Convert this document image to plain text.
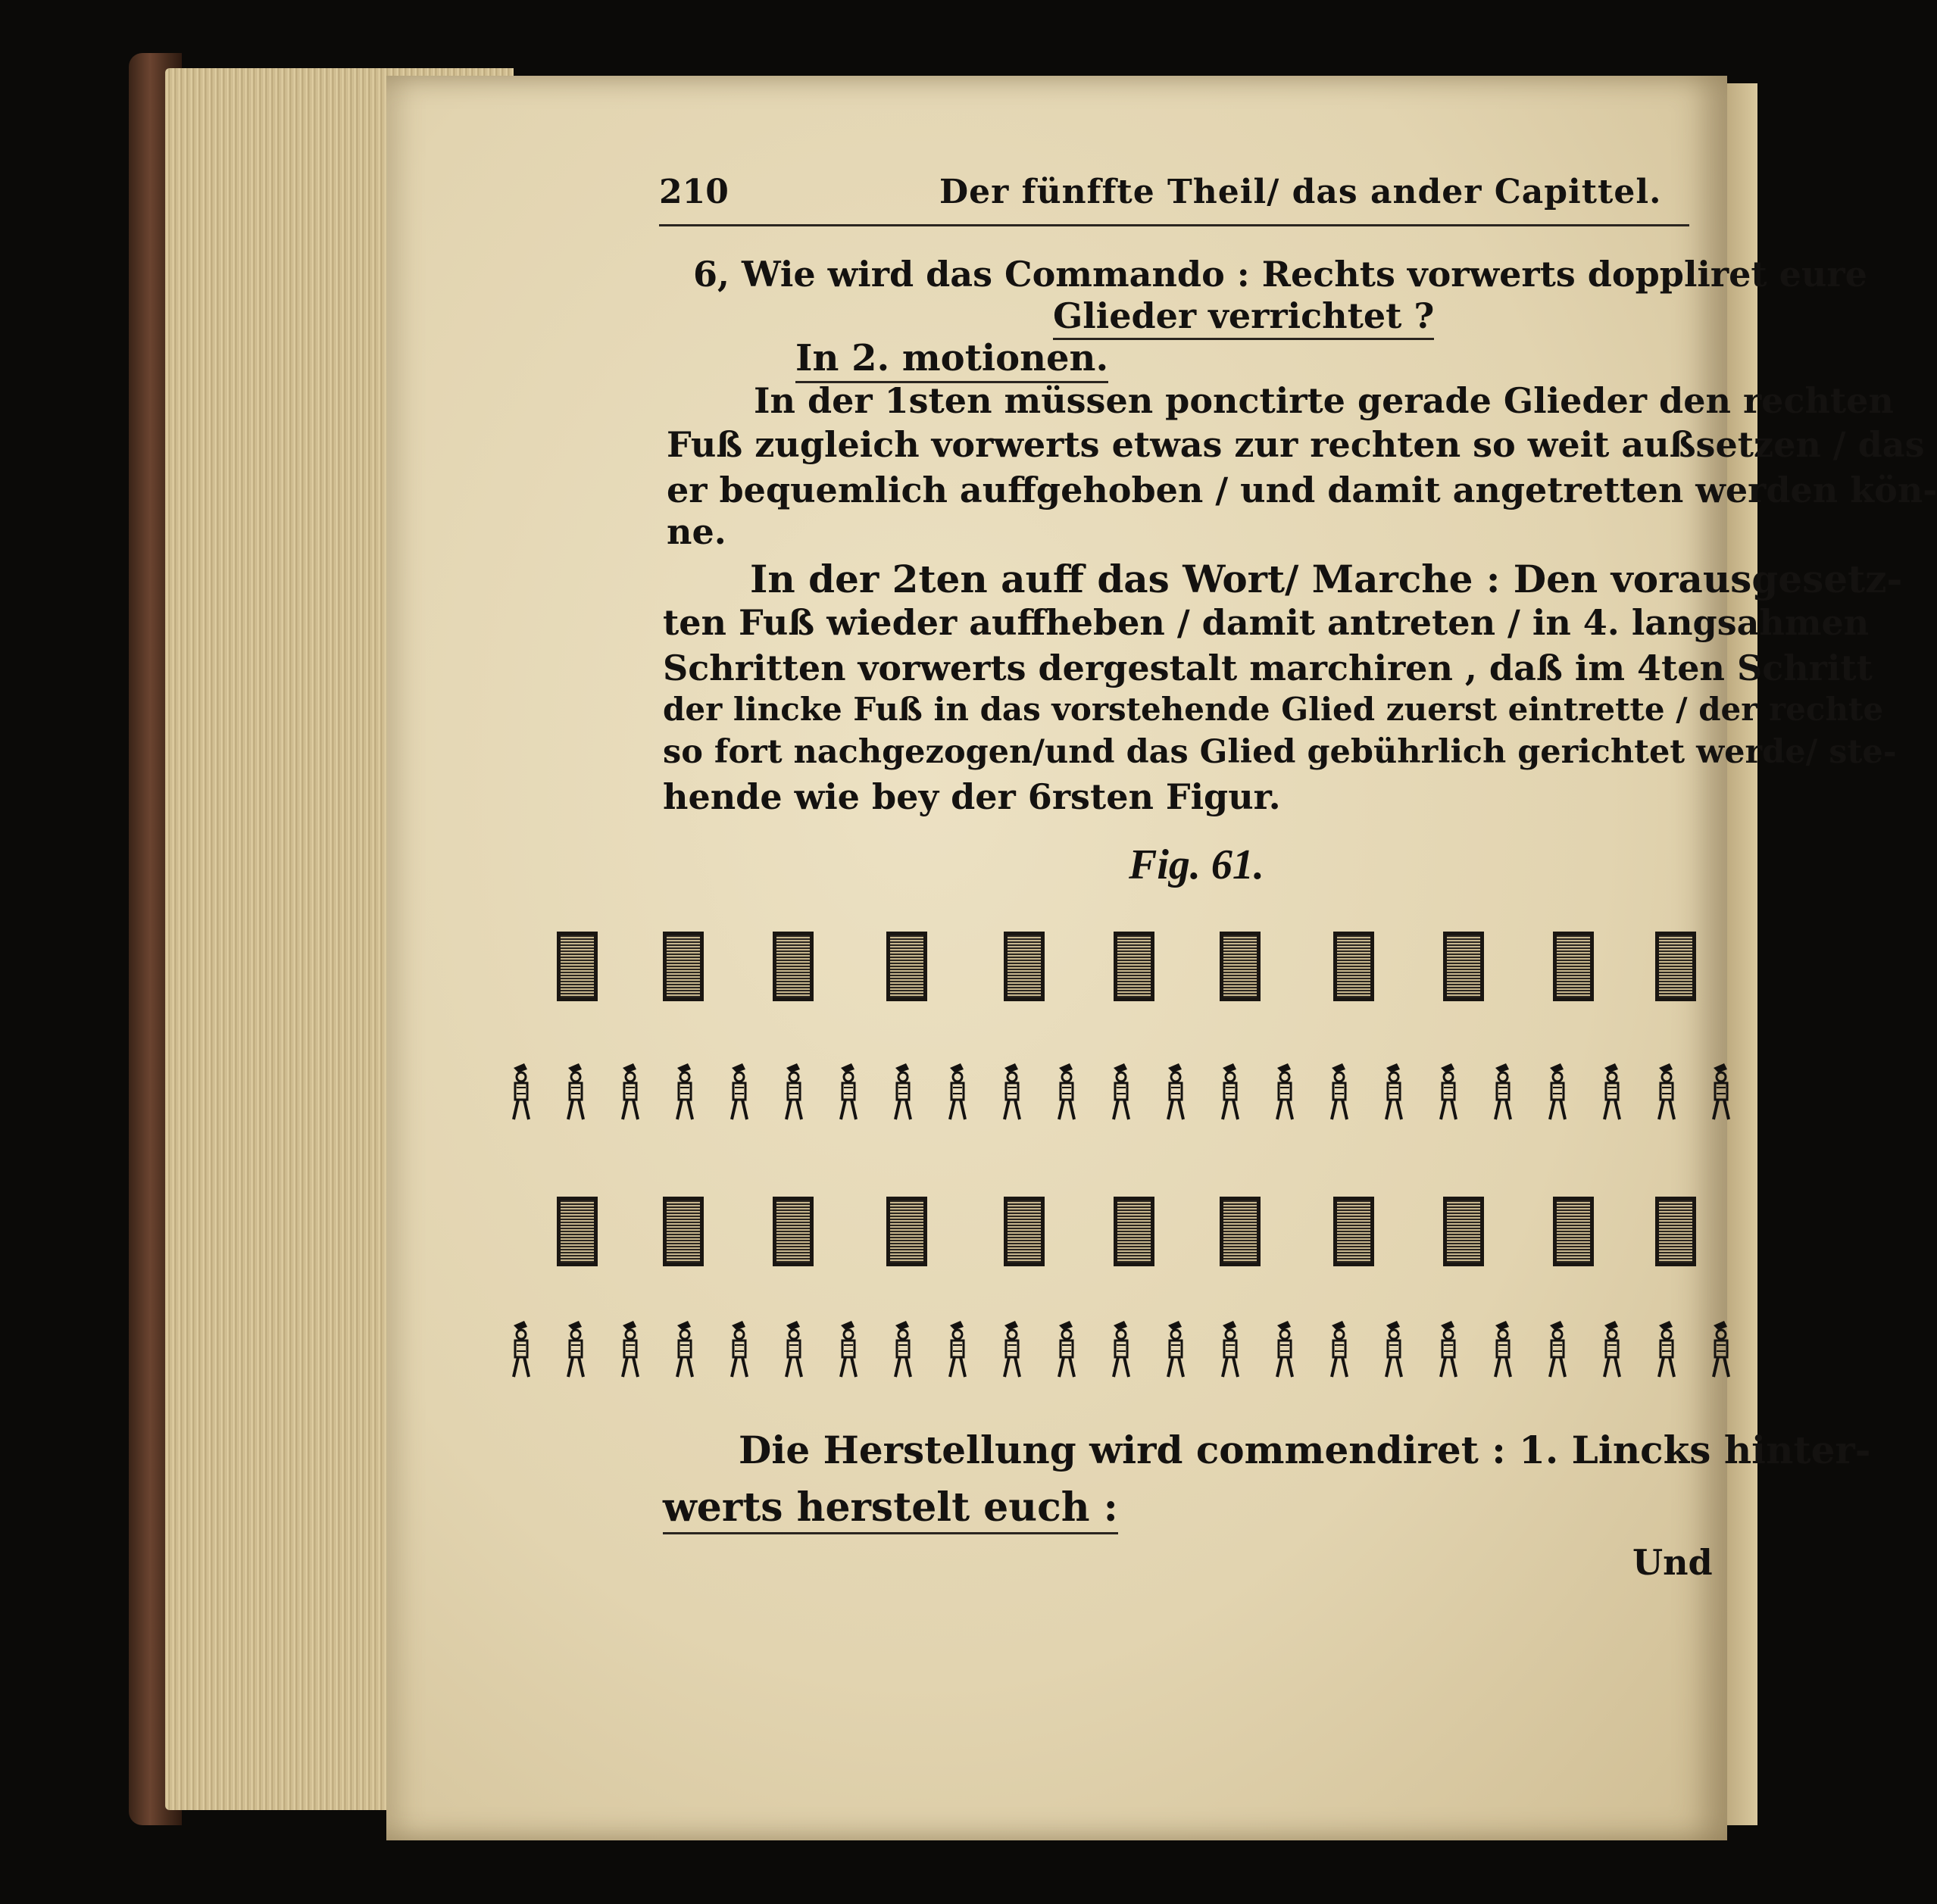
210	Der fünffte Theil/ das ander Capittel.
6, Wie wird das Commando : Rechts vorwerts doppliret eure
Glieder verrichtet ?
In 2. motionen.
In der 1sten müssen ponctirte gerade Glieder den rechten
Fuß zugleich vorwerts etwas zur rechten so weit außsetzen / das
er bequemlich auffgehoben / und damit angetretten werden kön-
ne.
In der 2ten auff das Wort/ Marche : Den vorausgesetz-
ten Fuß wieder auffheben / damit antreten / in 4. langsahmen
Schritten vorwerts dergestalt marchiren , daß im 4ten Schritt
der lincke Fuß in das vorstehende Glied zuerst eintrette / der rechte
so fort nachgezogen/und das Glied gebührlich gerichtet werde/ ste-
hende wie bey der 6rsten Figur.
Fig. 61.
Die Herstellung wird commendiret : 1. Lincks hinter-
werts herstelt euch :
Und
